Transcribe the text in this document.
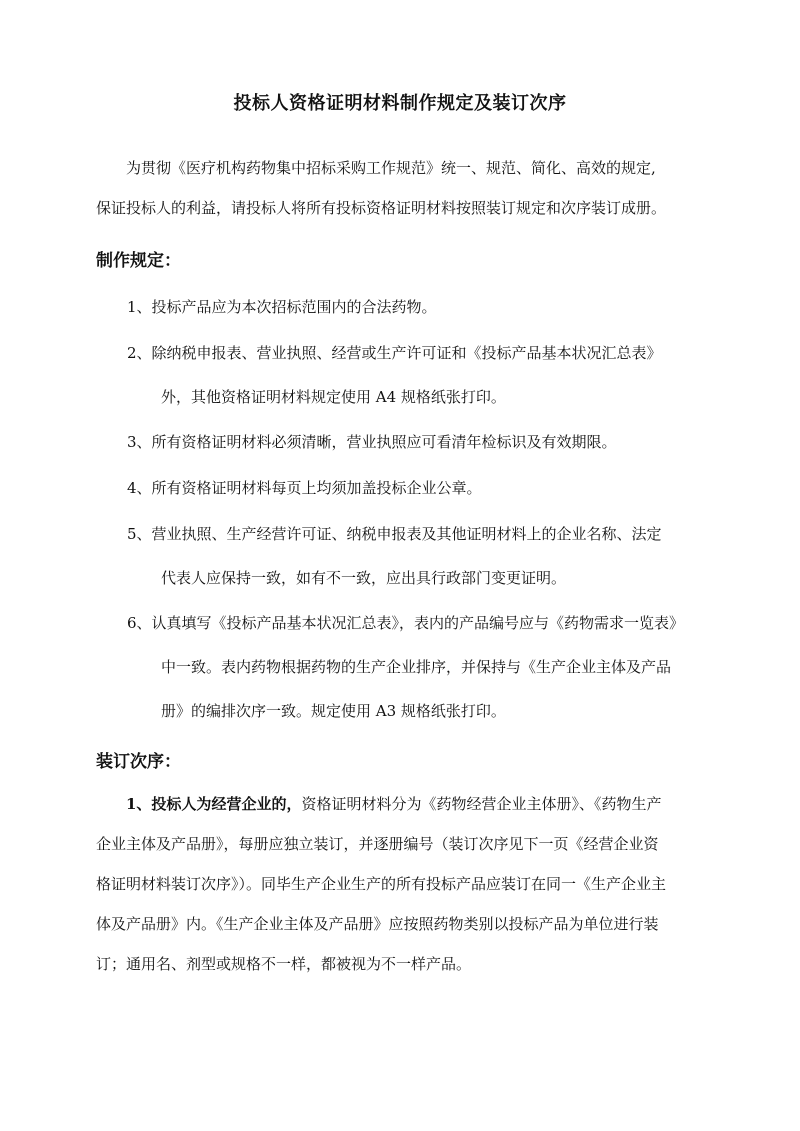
投标人资格证明材料制作规定及装订次序
为贯彻《医疗机构药物集中招标采购工作规范》统一、规范、简化、高效的规定,
保证投标人的利益，请投标人将所有投标资格证明材料按照装订规定和次序装订成册。
制作规定：
1、投标产品应为本次招标范围内的合法药物。
2、除纳税申报表、营业执照、经营或生产许可证和《投标产品基本状况汇总表》
外，其他资格证明材料规定使用 A4 规格纸张打印。
3、所有资格证明材料必须清晰，营业执照应可看清年检标识及有效期限。
4、所有资格证明材料每页上均须加盖投标企业公章。
5、营业执照、生产经营许可证、纳税申报表及其他证明材料上的企业名称、法定
代表人应保持一致，如有不一致，应出具行政部门变更证明。
6、认真填写《投标产品基本状况汇总表》，表内的产品编号应与《药物需求一览表》
中一致。表内药物根据药物的生产企业排序，并保持与《生产企业主体及产品
册》的编排次序一致。规定使用 A3 规格纸张打印。
装订次序：
1、投标人为经营企业的，资格证明材料分为《药物经营企业主体册》、《药物生产
企业主体及产品册》，每册应独立装订，并逐册编号（装订次序见下一页《经营企业资
格证明材料装订次序》）。同毕生产企业生产的所有投标产品应装订在同一《生产企业主
体及产品册》内。《生产企业主体及产品册》应按照药物类别以投标产品为单位进行装
订；通用名、剂型或规格不一样，都被视为不一样产品。
